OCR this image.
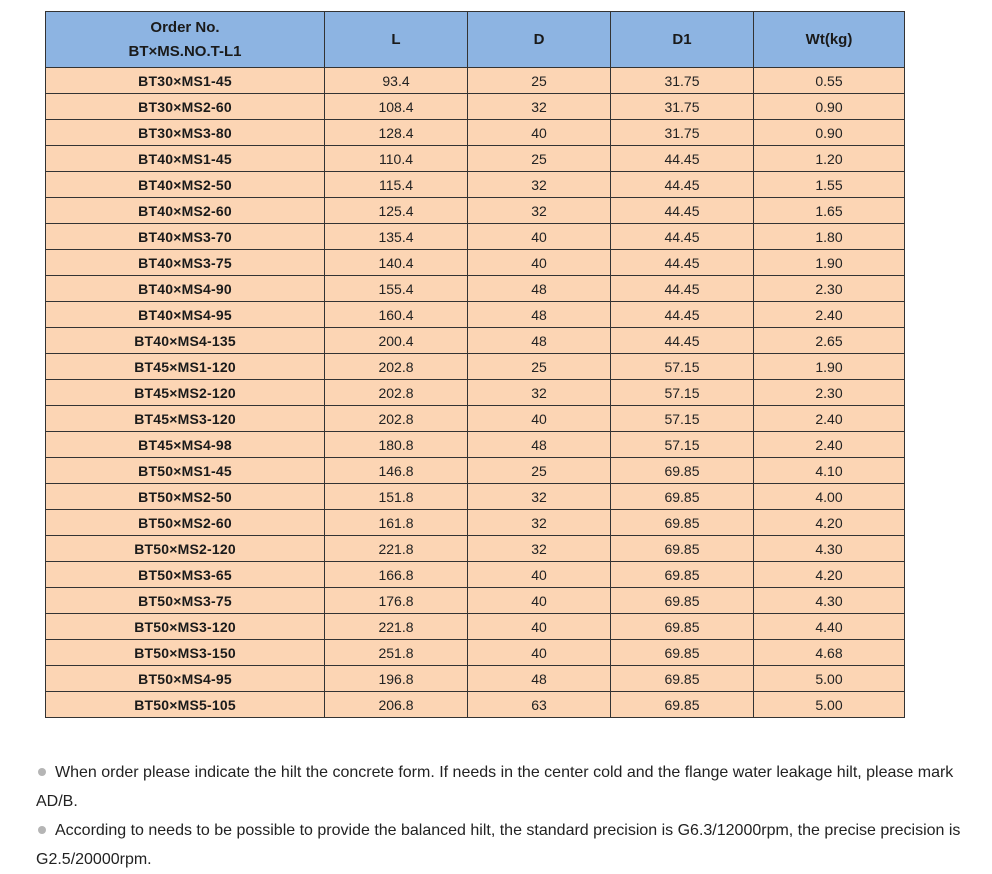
Order No.
BT×MS.NO.T-L1	L	D	D1	Wt(kg)
BT30×MS1-45	93.4	25	31.75	0.55
BT30×MS2-60	108.4	32	31.75	0.90
BT30×MS3-80	128.4	40	31.75	0.90
BT40×MS1-45	110.4	25	44.45	1.20
BT40×MS2-50	115.4	32	44.45	1.55
BT40×MS2-60	125.4	32	44.45	1.65
BT40×MS3-70	135.4	40	44.45	1.80
BT40×MS3-75	140.4	40	44.45	1.90
BT40×MS4-90	155.4	48	44.45	2.30
BT40×MS4-95	160.4	48	44.45	2.40
BT40×MS4-135	200.4	48	44.45	2.65
BT45×MS1-120	202.8	25	57.15	1.90
BT45×MS2-120	202.8	32	57.15	2.30
BT45×MS3-120	202.8	40	57.15	2.40
BT45×MS4-98	180.8	48	57.15	2.40
BT50×MS1-45	146.8	25	69.85	4.10
BT50×MS2-50	151.8	32	69.85	4.00
BT50×MS2-60	161.8	32	69.85	4.20
BT50×MS2-120	221.8	32	69.85	4.30
BT50×MS3-65	166.8	40	69.85	4.20
BT50×MS3-75	176.8	40	69.85	4.30
BT50×MS3-120	221.8	40	69.85	4.40
BT50×MS3-150	251.8	40	69.85	4.68
BT50×MS4-95	196.8	48	69.85	5.00
BT50×MS5-105	206.8	63	69.85	5.00

When order please indicate the hilt the concrete form. If needs in the center cold and the flange water leakage hilt, please mark AD/B.

According to needs to be possible to provide the balanced hilt, the standard precision is G6.3/12000rpm, the precise precision is G2.5/20000rpm.
